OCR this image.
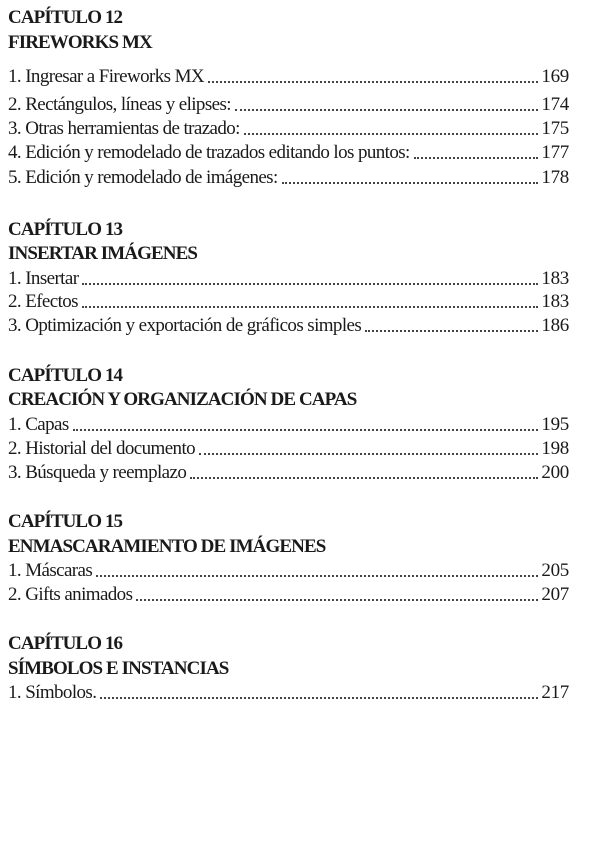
CAPÍTULO 12
FIREWORKS MX
1. Ingresar a Fireworks MX	169
2. Rectángulos, líneas y elipses:	174
3. Otras herramientas de trazado:	175
4. Edición y remodelado de trazados editando los puntos:	177
5. Edición y remodelado de imágenes:	178
CAPÍTULO 13
INSERTAR IMÁGENES
1. Insertar	183
2. Efectos	183
3. Optimización y exportación de gráficos simples	186
CAPÍTULO 14
CREACIÓN Y ORGANIZACIÓN DE CAPAS
1. Capas	195
2. Historial del documento	198
3. Búsqueda y reemplazo	200
CAPÍTULO 15
ENMASCARAMIENTO DE IMÁGENES
1. Máscaras	205
2. Gifts animados	207
CAPÍTULO 16
SÍMBOLOS E INSTANCIAS
1. Símbolos.	217
